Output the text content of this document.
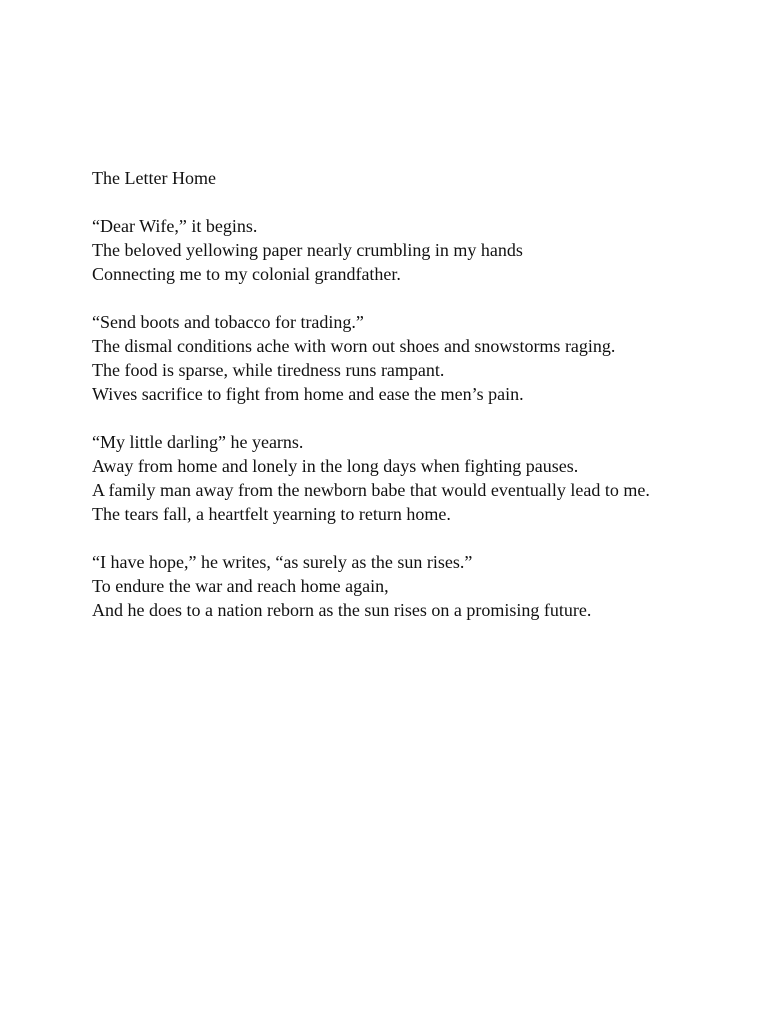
The Letter Home
“Dear Wife,” it begins.
The beloved yellowing paper nearly crumbling in my hands
Connecting me to my colonial grandfather.
“Send boots and tobacco for trading.”
The dismal conditions ache with worn out shoes and snowstorms raging.
The food is sparse, while tiredness runs rampant.
Wives sacrifice to fight from home and ease the men’s pain.
“My little darling” he yearns.
Away from home and lonely in the long days when fighting pauses.
A family man away from the newborn babe that would eventually lead to me.
The tears fall, a heartfelt yearning to return home.
“I have hope,” he writes, “as surely as the sun rises.”
To endure the war and reach home again,
And he does to a nation reborn as the sun rises on a promising future.
